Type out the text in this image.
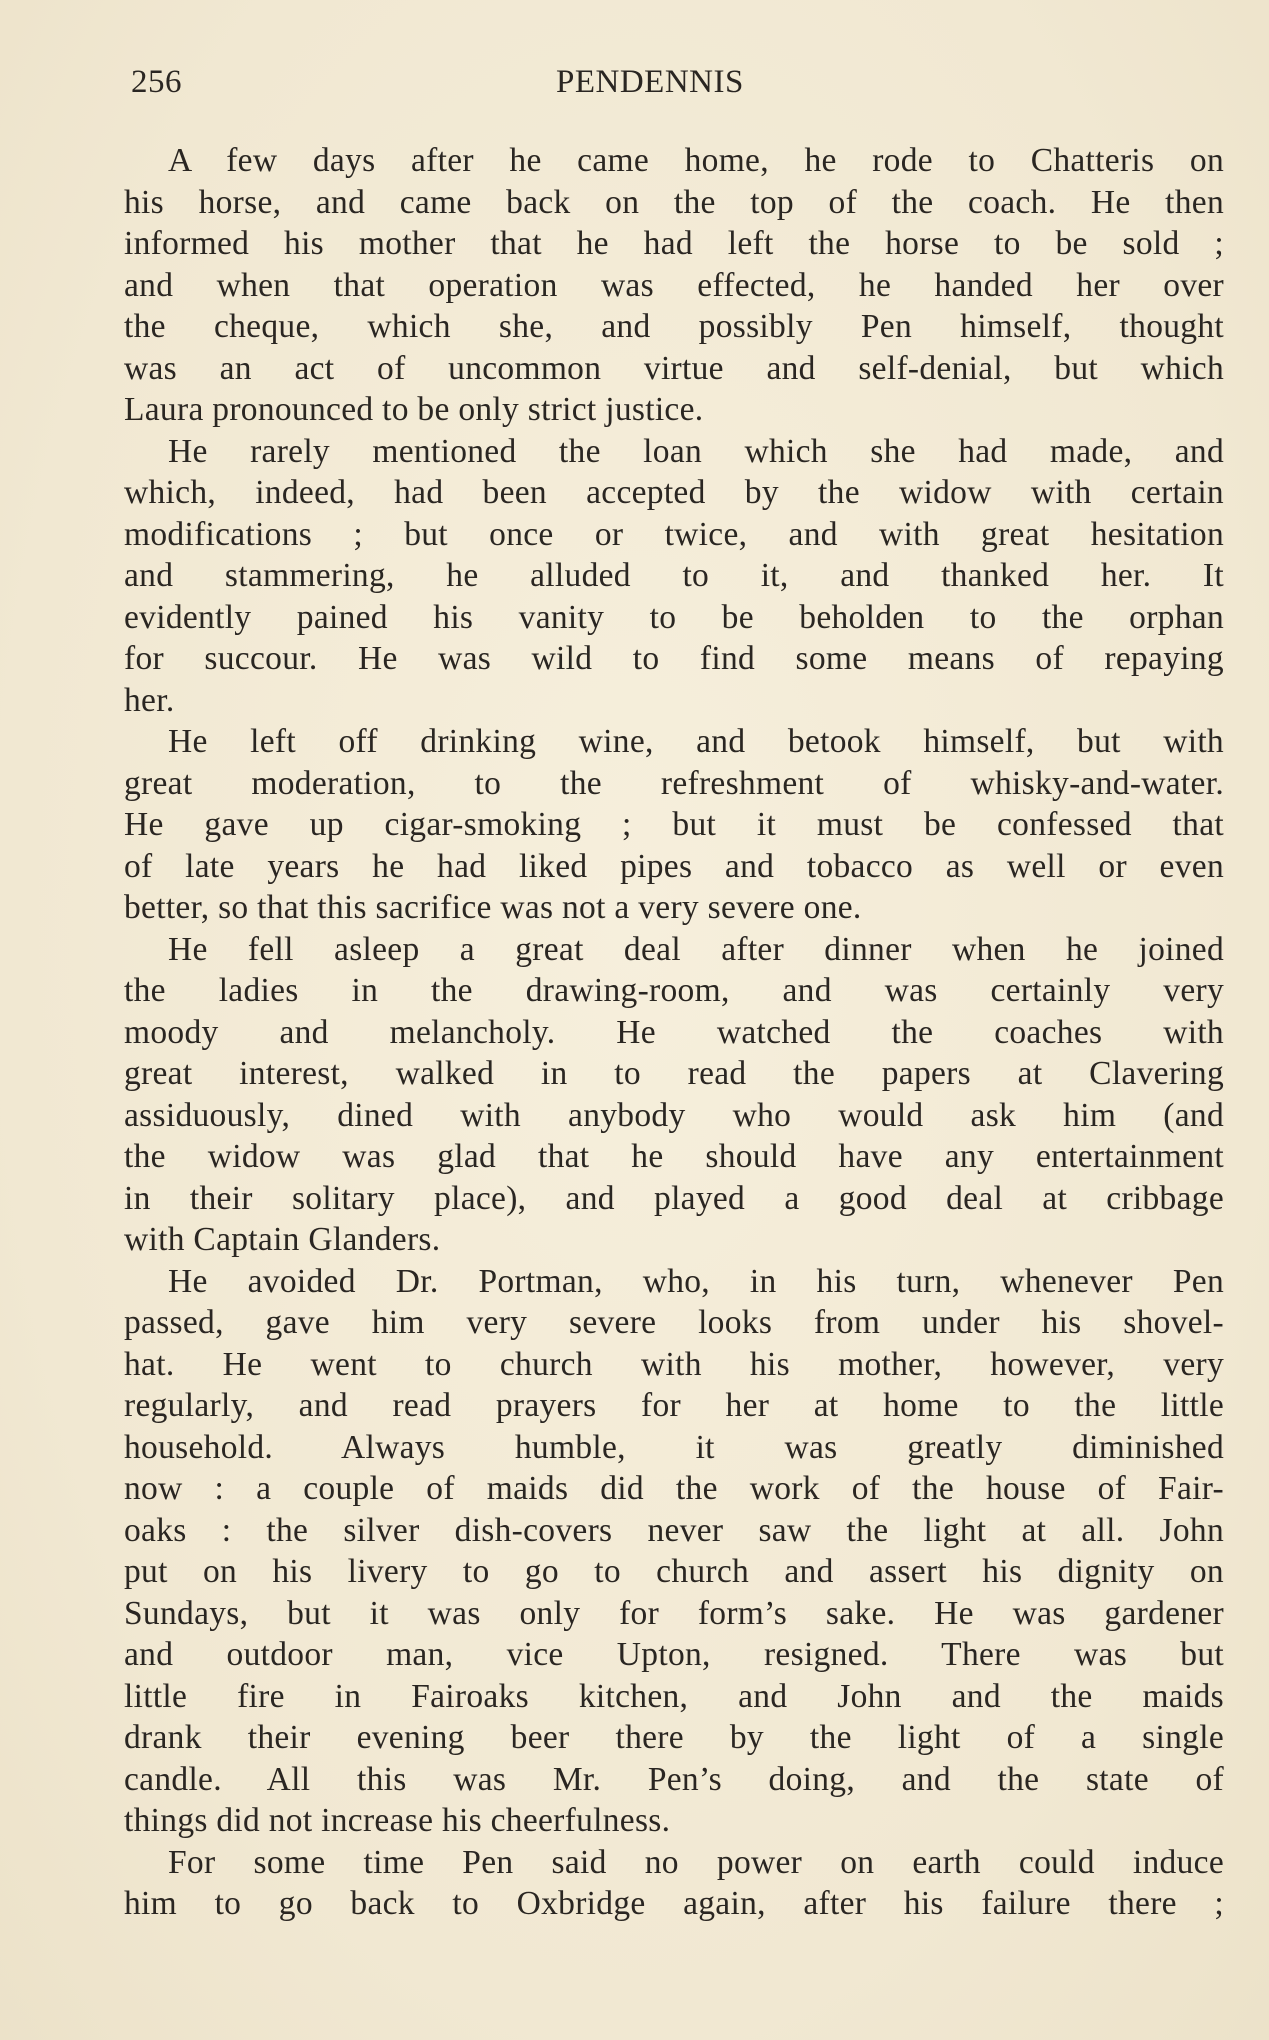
256	PENDENNIS
A few days after he came home, he rode to Chatteris on
his horse, and came back on the top of the coach. He then
informed his mother that he had left the horse to be sold ;
and when that operation was effected, he handed her over
the cheque, which she, and possibly Pen himself, thought
was an act of uncommon virtue and self-denial, but which
Laura pronounced to be only strict justice.
He rarely mentioned the loan which she had made, and
which, indeed, had been accepted by the widow with certain
modifications ; but once or twice, and with great hesitation
and stammering, he alluded to it, and thanked her. It
evidently pained his vanity to be beholden to the orphan
for succour. He was wild to find some means of repaying
her.
He left off drinking wine, and betook himself, but with
great moderation, to the refreshment of whisky-and-water.
He gave up cigar-smoking ; but it must be confessed that
of late years he had liked pipes and tobacco as well or even
better, so that this sacrifice was not a very severe one.
He fell asleep a great deal after dinner when he joined
the ladies in the drawing-room, and was certainly very
moody and melancholy. He watched the coaches with
great interest, walked in to read the papers at Clavering
assiduously, dined with anybody who would ask him (and
the widow was glad that he should have any entertainment
in their solitary place), and played a good deal at cribbage
with Captain Glanders.
He avoided Dr. Portman, who, in his turn, whenever Pen
passed, gave him very severe looks from under his shovel-
hat. He went to church with his mother, however, very
regularly, and read prayers for her at home to the little
household. Always humble, it was greatly diminished
now : a couple of maids did the work of the house of Fair-
oaks : the silver dish-covers never saw the light at all. John
put on his livery to go to church and assert his dignity on
Sundays, but it was only for form’s sake. He was gardener
and outdoor man, vice Upton, resigned. There was but
little fire in Fairoaks kitchen, and John and the maids
drank their evening beer there by the light of a single
candle. All this was Mr. Pen’s doing, and the state of
things did not increase his cheerfulness.
For some time Pen said no power on earth could induce
him to go back to Oxbridge again, after his failure there ;
